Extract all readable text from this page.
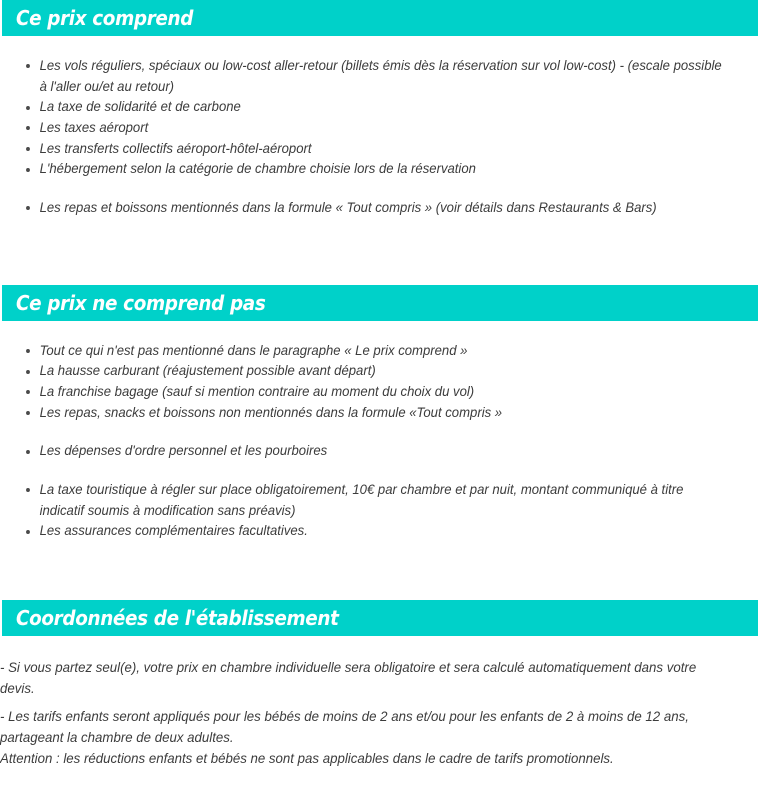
Ce prix comprend
Les vols réguliers, spéciaux ou low-cost aller-retour (billets émis dès la réservation sur vol low-cost) - (escale possible à l'aller ou/et au retour)
La taxe de solidarité et de carbone
Les taxes aéroport
Les transferts collectifs aéroport-hôtel-aéroport
L'hébergement selon la catégorie de chambre choisie lors de la réservation
Les repas et boissons mentionnés dans la formule « Tout compris » (voir détails dans Restaurants & Bars)
Ce prix ne comprend pas
Tout ce qui n'est pas mentionné dans le paragraphe « Le prix comprend »
La hausse carburant (réajustement possible avant départ)
La franchise bagage (sauf si mention contraire au moment du choix du vol)
Les repas, snacks et boissons non mentionnés dans la formule «Tout compris »
Les dépenses d'ordre personnel et les pourboires
La taxe touristique à régler sur place obligatoirement, 10€ par chambre et par nuit, montant communiqué à titre indicatif soumis à modification sans préavis)
Les assurances complémentaires facultatives.
Coordonnées de l'établissement

- Si vous partez seul(e), votre prix en chambre individuelle sera obligatoire et sera calculé automatiquement dans votre devis.

- Les tarifs enfants seront appliqués pour les bébés de moins de 2 ans et/ou pour les enfants de 2 à moins de 12 ans, partageant la chambre de deux adultes.

Attention : les réductions enfants et bébés ne sont pas applicables dans le cadre de tarifs promotionnels.
